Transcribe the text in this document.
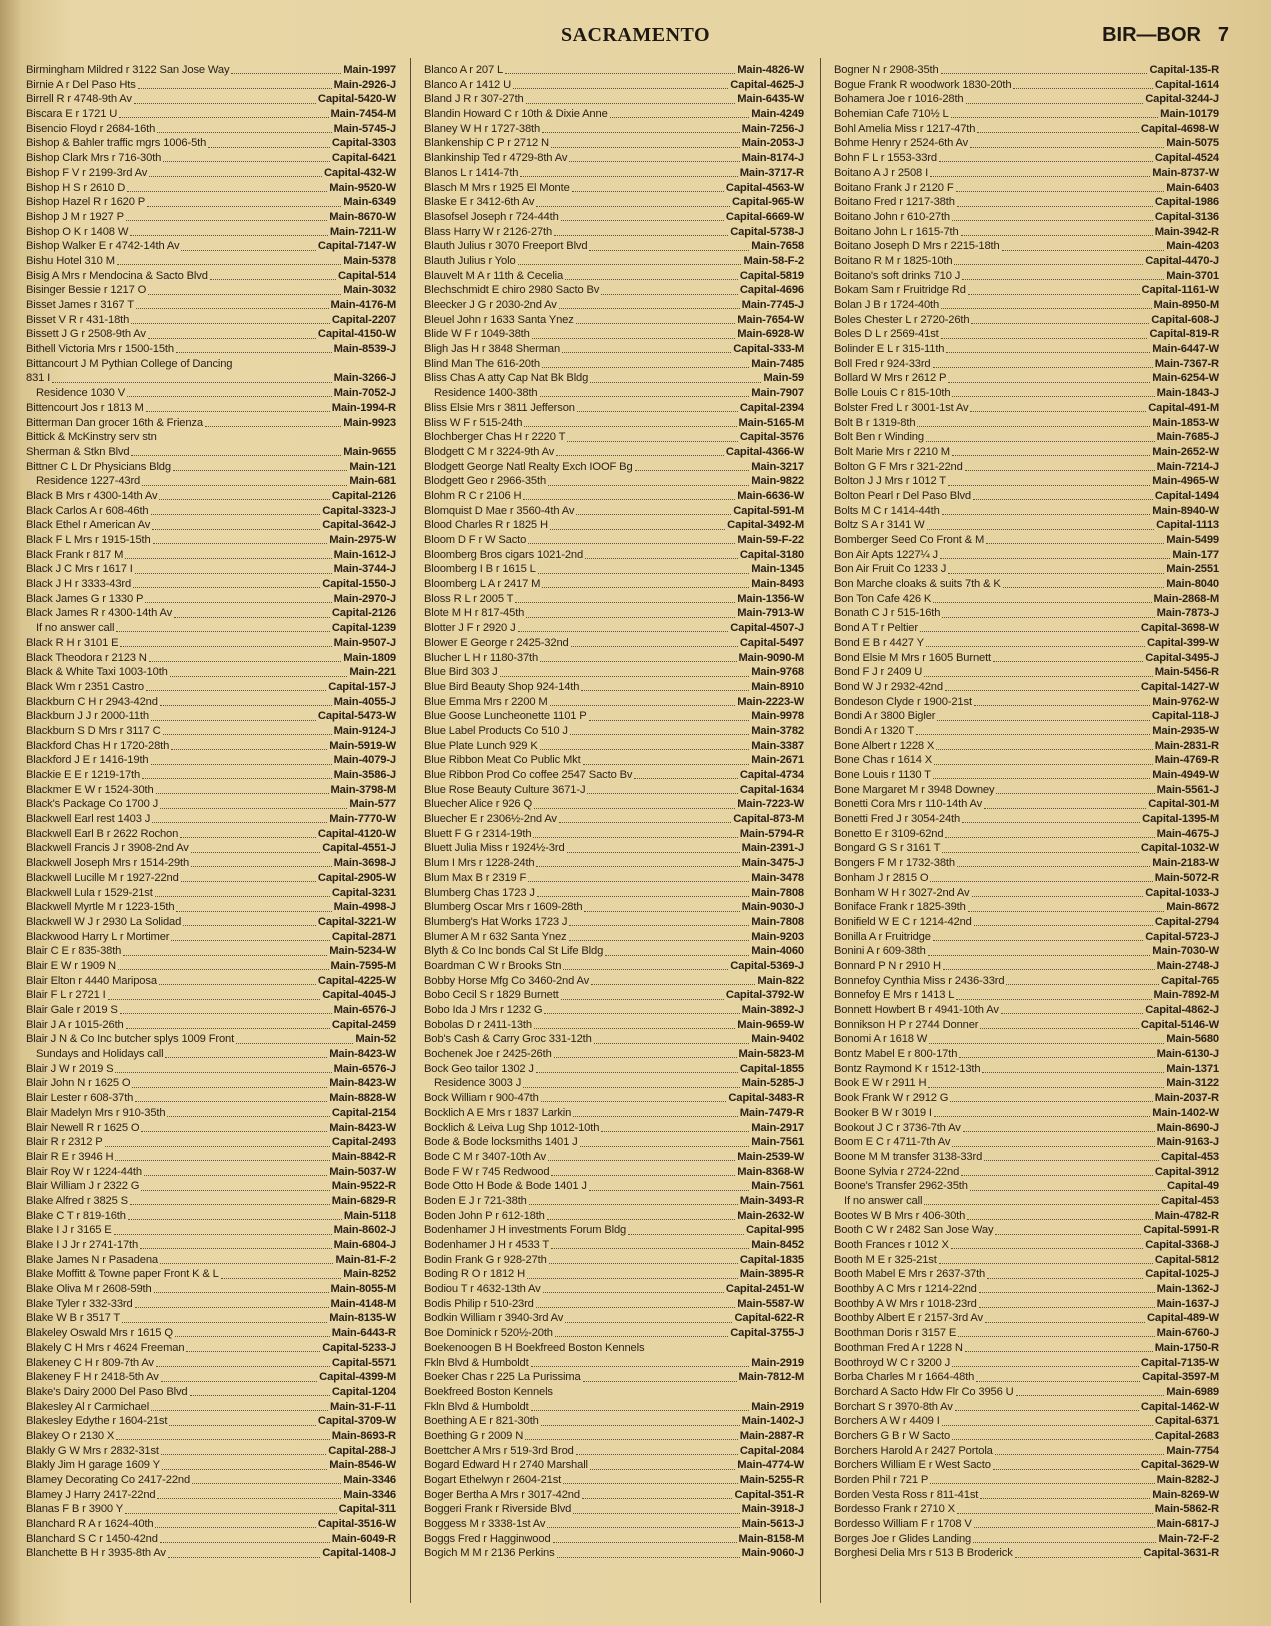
SACRAMENTO	BIR—BOR 7
Birmingham Mildred r 3122 San Jose Way	Main-1997
Birnie A r Del Paso Hts	Main-2926-J
Birrell R r 4748-9th Av	Capital-5420-W
Biscara E r 1721 U	Main-7454-M
Bisencio Floyd r 2684-16th	Main-5745-J
Bishop & Bahler traffic mgrs 1006-5th	Capital-3303
Bishop Clark Mrs r 716-30th	Capital-6421
Bishop F V r 2199-3rd Av	Capital-432-W
Bishop H S r 2610 D	Main-9520-W
Bishop Hazel R r 1620 P	Main-6349
Bishop J M r 1927 P	Main-8670-W
Bishop O K r 1408 W	Main-7211-W
Bishop Walker E r 4742-14th Av	Capital-7147-W
Bishu Hotel 310 M	Main-5378
Bisig A Mrs r Mendocina & Sacto Blvd	Capital-514
Bisinger Bessie r 1217 O	Main-3032
Bisset James r 3167 T	Main-4176-M
Bisset V R r 431-18th	Capital-2207
Bissett J G r 2508-9th Av	Capital-4150-W
Bithell Victoria Mrs r 1500-15th	Main-8539-J
Bittancourt J M Pythian College of Dancing
831 I	Main-3266-J
Residence 1030 V	Main-7052-J
Bittencourt Jos r 1813 M	Main-1994-R
Bitterman Dan grocer 16th & Frienza	Main-9923
Bittick & McKinstry serv stn
Sherman & Stkn Blvd	Main-9655
Bittner C L Dr Physicians Bldg	Main-121
Residence 1227-43rd	Main-681
Black B Mrs r 4300-14th Av	Capital-2126
Black Carlos A r 608-46th	Capital-3323-J
Black Ethel r American Av	Capital-3642-J
Black F L Mrs r 1915-15th	Main-2975-W
Black Frank r 817 M	Main-1612-J
Black J C Mrs r 1617 I	Main-3744-J
Black J H r 3333-43rd	Capital-1550-J
Black James G r 1330 P	Main-2970-J
Black James R r 4300-14th Av	Capital-2126
If no answer call	Capital-1239
Black R H r 3101 E	Main-9507-J
Black Theodora r 2123 N	Main-1809
Black & White Taxi 1003-10th	Main-221
Black Wm r 2351 Castro	Capital-157-J
Blackburn C H r 2943-42nd	Main-4055-J
Blackburn J J r 2000-11th	Capital-5473-W
Blackburn S D Mrs r 3117 C	Main-9124-J
Blackford Chas H r 1720-28th	Main-5919-W
Blackford J E r 1416-19th	Main-4079-J
Blackie E E r 1219-17th	Main-3586-J
Blackmer E W r 1524-30th	Main-3798-M
Black's Package Co 1700 J	Main-577
Blackwell Earl rest 1403 J	Main-7770-W
Blackwell Earl B r 2622 Rochon	Capital-4120-W
Blackwell Francis J r 3908-2nd Av	Capital-4551-J
Blackwell Joseph Mrs r 1514-29th	Main-3698-J
Blackwell Lucille M r 1927-22nd	Capital-2905-W
Blackwell Lula r 1529-21st	Capital-3231
Blackwell Myrtle M r 1223-15th	Main-4998-J
Blackwell W J r 2930 La Solidad	Capital-3221-W
Blackwood Harry L r Mortimer	Capital-2871
Blair C E r 835-38th	Main-5234-W
Blair E W r 1909 N	Main-7595-M
Blair Elton r 4440 Mariposa	Capital-4225-W
Blair F L r 2721 I	Capital-4045-J
Blair Gale r 2019 S	Main-6576-J
Blair J A r 1015-26th	Capital-2459
Blair J N & Co Inc butcher splys 1009 Front	Main-52
Sundays and Holidays call	Main-8423-W
Blair J W r 2019 S	Main-6576-J
Blair John N r 1625 O	Main-8423-W
Blair Lester r 608-37th	Main-8828-W
Blair Madelyn Mrs r 910-35th	Capital-2154
Blair Newell R r 1625 O	Main-8423-W
Blair R r 2312 P	Capital-2493
Blair R E r 3946 H	Main-8842-R
Blair Roy W r 1224-44th	Main-5037-W
Blair William J r 2322 G	Main-9522-R
Blake Alfred r 3825 S	Main-6829-R
Blake C T r 819-16th	Main-5118
Blake I J r 3165 E	Main-8602-J
Blake I J Jr r 2741-17th	Main-6804-J
Blake James N r Pasadena	Main-81-F-2
Blake Moffitt & Towne paper Front K & L	Main-8252
Blake Oliva M r 2608-59th	Main-8055-M
Blake Tyler r 332-33rd	Main-4148-M
Blake W B r 3517 T	Main-8135-W
Blakeley Oswald Mrs r 1615 Q	Main-6443-R
Blakely C H Mrs r 4624 Freeman	Capital-5233-J
Blakeney C H r 809-7th Av	Capital-5571
Blakeney F H r 2418-5th Av	Capital-4399-M
Blake's Dairy 2000 Del Paso Blvd	Capital-1204
Blakesley Al r Carmichael	Main-31-F-11
Blakesley Edythe r 1604-21st	Capital-3709-W
Blakey O r 2130 X	Main-8693-R
Blakly G W Mrs r 2832-31st	Capital-288-J
Blakly Jim H garage 1609 Y	Main-8546-W
Blamey Decorating Co 2417-22nd	Main-3346
Blamey J Harry 2417-22nd	Main-3346
Blanas F B r 3900 Y	Capital-311
Blanchard R A r 1624-40th	Capital-3516-W
Blanchard S C r 1450-42nd	Main-6049-R
Blanchette B H r 3935-8th Av	Capital-1408-J
Blanco A r 207 L	Main-4826-W
Blanco A r 1412 U	Capital-4625-J
Bland J R r 307-27th	Main-6435-W
Blandin Howard C r 10th & Dixie Anne	Main-4249
Blaney W H r 1727-38th	Main-7256-J
Blankenship C P r 2712 N	Main-2053-J
Blankinship Ted r 4729-8th Av	Main-8174-J
Blanos L r 1414-7th	Main-3717-R
Blasch M Mrs r 1925 El Monte	Capital-4563-W
Blaske E r 3412-6th Av	Capital-965-W
Blasofsel Joseph r 724-44th	Capital-6669-W
Blass Harry W r 2126-27th	Capital-5738-J
Blauth Julius r 3070 Freeport Blvd	Main-7658
Blauth Julius r Yolo	Main-58-F-2
Blauvelt M A r 11th & Cecelia	Capital-5819
Blechschmidt E chiro 2980 Sacto Bv	Capital-4696
Bleecker J G r 2030-2nd Av	Main-7745-J
Bleuel John r 1633 Santa Ynez	Main-7654-W
Blide W F r 1049-38th	Main-6928-W
Bligh Jas H r 3848 Sherman	Capital-333-M
Blind Man The 616-20th	Main-7485
Bliss Chas A atty Cap Nat Bk Bldg	Main-59
Residence 1400-38th	Main-7907
Bliss Elsie Mrs r 3811 Jefferson	Capital-2394
Bliss W F r 515-24th	Main-5165-M
Blochberger Chas H r 2220 T	Capital-3576
Blodgett C M r 3224-9th Av	Capital-4366-W
Blodgett George Natl Realty Exch IOOF Bg	Main-3217
Blodgett Geo r 2966-35th	Main-9822
Blohm R C r 2106 H	Main-6636-W
Blomquist D Mae r 3560-4th Av	Capital-591-M
Blood Charles R r 1825 H	Capital-3492-M
Bloom D F r W Sacto	Main-59-F-22
Bloomberg Bros cigars 1021-2nd	Capital-3180
Bloomberg I B r 1615 L	Main-1345
Bloomberg L A r 2417 M	Main-8493
Bloss R L r 2005 T	Main-1356-W
Blote M H r 817-45th	Main-7913-W
Blotter J F r 2920 J	Capital-4507-J
Blower E George r 2425-32nd	Capital-5497
Blucher L H r 1180-37th	Main-9090-M
Blue Bird 303 J	Main-9768
Blue Bird Beauty Shop 924-14th	Main-8910
Blue Emma Mrs r 2200 M	Main-2223-W
Blue Goose Luncheonette 1101 P	Main-9978
Blue Label Products Co 510 J	Main-3782
Blue Plate Lunch 929 K	Main-3387
Blue Ribbon Meat Co Public Mkt	Main-2671
Blue Ribbon Prod Co coffee 2547 Sacto Bv	Capital-4734
Blue Rose Beauty Culture 3671-J	Capital-1634
Bluecher Alice r 926 Q	Main-7223-W
Bluecher E r 2306½-2nd Av	Capital-873-M
Bluett F G r 2314-19th	Main-5794-R
Bluett Julia Miss r 1924½-3rd	Main-2391-J
Blum I Mrs r 1228-24th	Main-3475-J
Blum Max B r 2319 F	Main-3478
Blumberg Chas 1723 J	Main-7808
Blumberg Oscar Mrs r 1609-28th	Main-9030-J
Blumberg's Hat Works 1723 J	Main-7808
Blumer A M r 632 Santa Ynez	Main-9203
Blyth & Co Inc bonds Cal St Life Bldg	Main-4060
Boardman C W r Brooks Stn	Capital-5369-J
Bobby Horse Mfg Co 3460-2nd Av	Main-822
Bobo Cecil S r 1829 Burnett	Capital-3792-W
Bobo Ida J Mrs r 1232 G	Main-3892-J
Bobolas D r 2411-13th	Main-9659-W
Bob's Cash & Carry Groc 331-12th	Main-9402
Bochenek Joe r 2425-26th	Main-5823-M
Bock Geo tailor 1302 J	Capital-1855
Residence 3003 J	Main-5285-J
Bock William r 900-47th	Capital-3483-R
Bocklich A E Mrs r 1837 Larkin	Main-7479-R
Bocklich & Leiva Lug Shp 1012-10th	Main-2917
Bode & Bode locksmiths 1401 J	Main-7561
Bode C M r 3407-10th Av	Main-2539-W
Bode F W r 745 Redwood	Main-8368-W
Bode Otto H Bode & Bode 1401 J	Main-7561
Boden E J r 721-38th	Main-3493-R
Boden John P r 612-18th	Main-2632-W
Bodenhamer J H investments Forum Bldg	Capital-995
Bodenhamer J H r 4533 T	Main-8452
Bodin Frank G r 928-27th	Capital-1835
Boding R O r 1812 H	Main-3895-R
Bodiou T r 4632-13th Av	Capital-2451-W
Bodis Philip r 510-23rd	Main-5587-W
Bodkin William r 3940-3rd Av	Capital-622-R
Boe Dominick r 520½-20th	Capital-3755-J
Boekenoogen B H Boekfreed Boston Kennels
Fkln Blvd & Humboldt	Main-2919
Boeker Chas r 225 La Purissima	Main-7812-M
Boekfreed Boston Kennels
Fkln Blvd & Humboldt	Main-2919
Boething A E r 821-30th	Main-1402-J
Boething G r 2009 N	Main-2887-R
Boettcher A Mrs r 519-3rd Brod	Capital-2084
Bogard Edward H r 2740 Marshall	Main-4774-W
Bogart Ethelwyn r 2604-21st	Main-5255-R
Boger Bertha A Mrs r 3017-42nd	Capital-351-R
Boggeri Frank r Riverside Blvd	Main-3918-J
Boggess M r 3338-1st Av	Main-5613-J
Boggs Fred r Hagginwood	Main-8158-M
Bogich M M r 2136 Perkins	Main-9060-J
Bogner N r 2908-35th	Capital-135-R
Bogue Frank R woodwork 1830-20th	Capital-1614
Bohamera Joe r 1016-28th	Capital-3244-J
Bohemian Cafe 710½ L	Main-10179
Bohl Amelia Miss r 1217-47th	Capital-4698-W
Bohme Henry r 2524-6th Av	Main-5075
Bohn F L r 1553-33rd	Capital-4524
Boitano A J r 2508 I	Main-8737-W
Boitano Frank J r 2120 F	Main-6403
Boitano Fred r 1217-38th	Capital-1986
Boitano John r 610-27th	Capital-3136
Boitano John L r 1615-7th	Main-3942-R
Boitano Joseph D Mrs r 2215-18th	Main-4203
Boitano R M r 1825-10th	Capital-4470-J
Boitano's soft drinks 710 J	Main-3701
Bokam Sam r Fruitridge Rd	Capital-1161-W
Bolan J B r 1724-40th	Main-8950-M
Boles Chester L r 2720-26th	Capital-608-J
Boles D L r 2569-41st	Capital-819-R
Bolinder E L r 315-11th	Main-6447-W
Boll Fred r 924-33rd	Main-7367-R
Bollard W Mrs r 2612 P	Main-6254-W
Bolle Louis C r 815-10th	Main-1843-J
Bolster Fred L r 3001-1st Av	Capital-491-M
Bolt B r 1319-8th	Main-1853-W
Bolt Ben r Winding	Main-7685-J
Bolt Marie Mrs r 2210 M	Main-2652-W
Bolton G F Mrs r 321-22nd	Main-7214-J
Bolton J J Mrs r 1012 T	Main-4965-W
Bolton Pearl r Del Paso Blvd	Capital-1494
Bolts M C r 1414-44th	Main-8940-W
Boltz S A r 3141 W	Capital-1113
Bomberger Seed Co Front & M	Main-5499
Bon Air Apts 1227¼ J	Main-177
Bon Air Fruit Co 1233 J	Main-2551
Bon Marche cloaks & suits 7th & K	Main-8040
Bon Ton Cafe 426 K	Main-2868-M
Bonath C J r 515-16th	Main-7873-J
Bond A T r Peltier	Capital-3698-W
Bond E B r 4427 Y	Capital-399-W
Bond Elsie M Mrs r 1605 Burnett	Capital-3495-J
Bond F J r 2409 U	Main-5456-R
Bond W J r 2932-42nd	Capital-1427-W
Bondeson Clyde r 1900-21st	Main-9762-W
Bondi A r 3800 Bigler	Capital-118-J
Bondi A r 1320 T	Main-2935-W
Bone Albert r 1228 X	Main-2831-R
Bone Chas r 1614 X	Main-4769-R
Bone Louis r 1130 T	Main-4949-W
Bone Margaret M r 3948 Downey	Main-5561-J
Bonetti Cora Mrs r 110-14th Av	Capital-301-M
Bonetti Fred J r 3054-24th	Capital-1395-M
Bonetto E r 3109-62nd	Main-4675-J
Bongard G S r 3161 T	Capital-1032-W
Bongers F M r 1732-38th	Main-2183-W
Bonham J r 2815 O	Main-5072-R
Bonham W H r 3027-2nd Av	Capital-1033-J
Boniface Frank r 1825-39th	Main-8672
Bonifield W E C r 1214-42nd	Capital-2794
Bonilla A r Fruitridge	Capital-5723-J
Bonini A r 609-38th	Main-7030-W
Bonnard P N r 2910 H	Main-2748-J
Bonnefoy Cynthia Miss r 2436-33rd	Capital-765
Bonnefoy E Mrs r 1413 L	Main-7892-M
Bonnett Howbert B r 4941-10th Av	Capital-4862-J
Bonnikson H P r 2744 Donner	Capital-5146-W
Bonomi A r 1618 W	Main-5680
Bontz Mabel E r 800-17th	Main-6130-J
Bontz Raymond K r 1512-13th	Main-1371
Book E W r 2911 H	Main-3122
Book Frank W r 2912 G	Main-2037-R
Booker B W r 3019 I	Main-1402-W
Bookout J C r 3736-7th Av	Main-8690-J
Boom E C r 4711-7th Av	Main-9163-J
Boone M M transfer 3138-33rd	Capital-453
Boone Sylvia r 2724-22nd	Capital-3912
Boone's Transfer 2962-35th	Capital-49
If no answer call	Capital-453
Bootes W B Mrs r 406-30th	Main-4782-R
Booth C W r 2482 San Jose Way	Capital-5991-R
Booth Frances r 1012 X	Capital-3368-J
Booth M E r 325-21st	Capital-5812
Booth Mabel E Mrs r 2637-37th	Capital-1025-J
Boothby A C Mrs r 1214-22nd	Main-1362-J
Boothby A W Mrs r 1018-23rd	Main-1637-J
Boothby Albert E r 2157-3rd Av	Capital-489-W
Boothman Doris r 3157 E	Main-6760-J
Boothman Fred A r 1228 N	Main-1750-R
Boothroyd W C r 3200 J	Capital-7135-W
Borba Charles M r 1664-48th	Capital-3597-M
Borchard A Sacto Hdw Flr Co 3956 U	Main-6989
Borchart S r 3970-8th Av	Capital-1462-W
Borchers A W r 4409 I	Capital-6371
Borchers G B r W Sacto	Capital-2683
Borchers Harold A r 2427 Portola	Main-7754
Borchers William E r West Sacto	Capital-3629-W
Borden Phil r 721 P	Main-8282-J
Borden Vesta Ross r 811-41st	Main-8269-W
Bordesso Frank r 2710 X	Main-5862-R
Bordesso William F r 1708 V	Main-6817-J
Borges Joe r Glides Landing	Main-72-F-2
Borghesi Delia Mrs r 513 B Broderick	Capital-3631-R
